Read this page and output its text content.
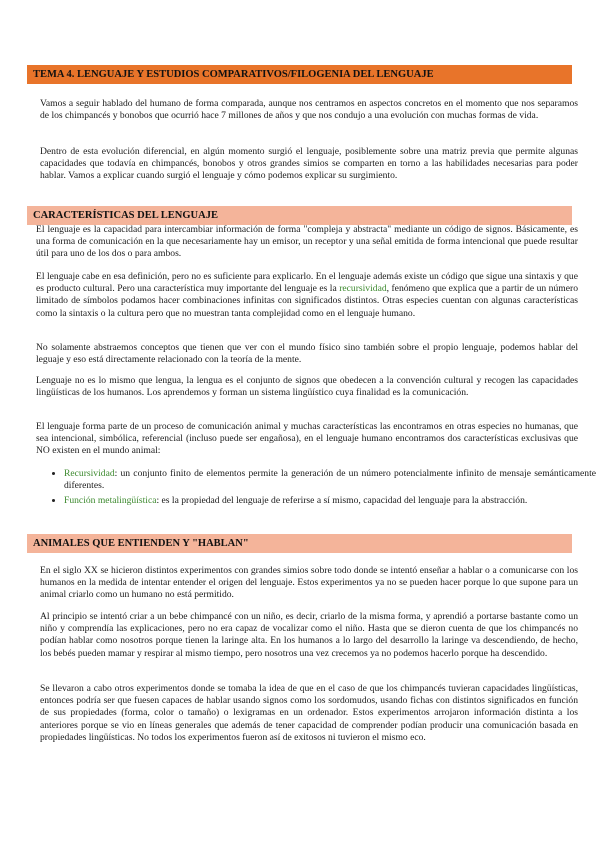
TEMA 4. LENGUAJE Y ESTUDIOS COMPARATIVOS/FILOGENIA DEL LENGUAJE
Vamos a seguir hablado del humano de forma comparada, aunque nos centramos en aspectos concretos en el momento que nos separamos de los chimpancés y bonobos que ocurrió hace 7 millones de años y que nos condujo a una evolución con muchas formas de vida.
Dentro de esta evolución diferencial, en algún momento surgió el lenguaje, posiblemente sobre una matriz previa que permite algunas capacidades que todavía en chimpancés, bonobos y otros grandes simios se comparten en torno a las habilidades necesarias para poder hablar. Vamos a explicar cuando surgió el lenguaje y cómo podemos explicar su surgimiento.
CARACTERÍSTICAS DEL LENGUAJE
El lenguaje es la capacidad para intercambiar información de forma "compleja y abstracta" mediante un código de signos. Básicamente, es una forma de comunicación en la que necesariamente hay un emisor, un receptor y una señal emitida de forma intencional que puede resultar útil para uno de los dos o para ambos.
El lenguaje cabe en esa definición, pero no es suficiente para explicarlo. En el lenguaje además existe un código que sigue una sintaxis y que es producto cultural. Pero una característica muy importante del lenguaje es la recursividad, fenómeno que explica que a partir de un número limitado de símbolos podamos hacer combinaciones infinitas con significados distintos. Otras especies cuentan con algunas características como la sintaxis o la cultura pero que no muestran tanta complejidad como en el lenguaje humano.
No solamente abstraemos conceptos que tienen que ver con el mundo físico sino también sobre el propio lenguaje, podemos hablar del leguaje y eso está directamente relacionado con la teoría de la mente.
Lenguaje no es lo mismo que lengua, la lengua es el conjunto de signos que obedecen a la convención cultural y recogen las capacidades lingüísticas de los humanos. Los aprendemos y forman un sistema lingüístico cuya finalidad es la comunicación.
El lenguaje forma parte de un proceso de comunicación animal y muchas características las encontramos en otras especies no humanas, que sea intencional, simbólica, referencial (incluso puede ser engañosa), en el lenguaje humano encontramos dos características exclusivas que NO existen en el mundo animal:
• Recursividad: un conjunto finito de elementos permite la generación de un número potencialmente infinito de mensaje semánticamente diferentes.
• Función metalingüística: es la propiedad del lenguaje de referirse a sí mismo, capacidad del lenguaje para la abstracción.
ANIMALES QUE ENTIENDEN Y "HABLAN"
En el siglo XX se hicieron distintos experimentos con grandes simios sobre todo donde se intentó enseñar a hablar o a comunicarse con los humanos en la medida de intentar entender el origen del lenguaje. Estos experimentos ya no se pueden hacer porque lo que supone para un animal criarlo como un humano no está permitido.
Al principio se intentó criar a un bebe chimpancé con un niño, es decir, criarlo de la misma forma, y aprendió a portarse bastante como un niño y comprendía las explicaciones, pero no era capaz de vocalizar como el niño. Hasta que se dieron cuenta de que los chimpancés no podían hablar como nosotros porque tienen la laringe alta. En los humanos a lo largo del desarrollo la laringe va descendiendo, de hecho, los bebés pueden mamar y respirar al mismo tiempo, pero nosotros una vez crecemos ya no podemos hacerlo porque ha descendido.
Se llevaron a cabo otros experimentos donde se tomaba la idea de que en el caso de que los chimpancés tuvieran capacidades lingüísticas, entonces podría ser que fuesen capaces de hablar usando signos como los sordomudos, usando fichas con distintos significados en función de sus propiedades (forma, color o tamaño) o lexigramas en un ordenador. Estos experimentos arrojaron información distinta a los anteriores porque se vio en líneas generales que además de tener capacidad de comprender podían producir una comunicación basada en propiedades lingüísticas. No todos los experimentos fueron así de exitosos ni tuvieron el mismo eco.
